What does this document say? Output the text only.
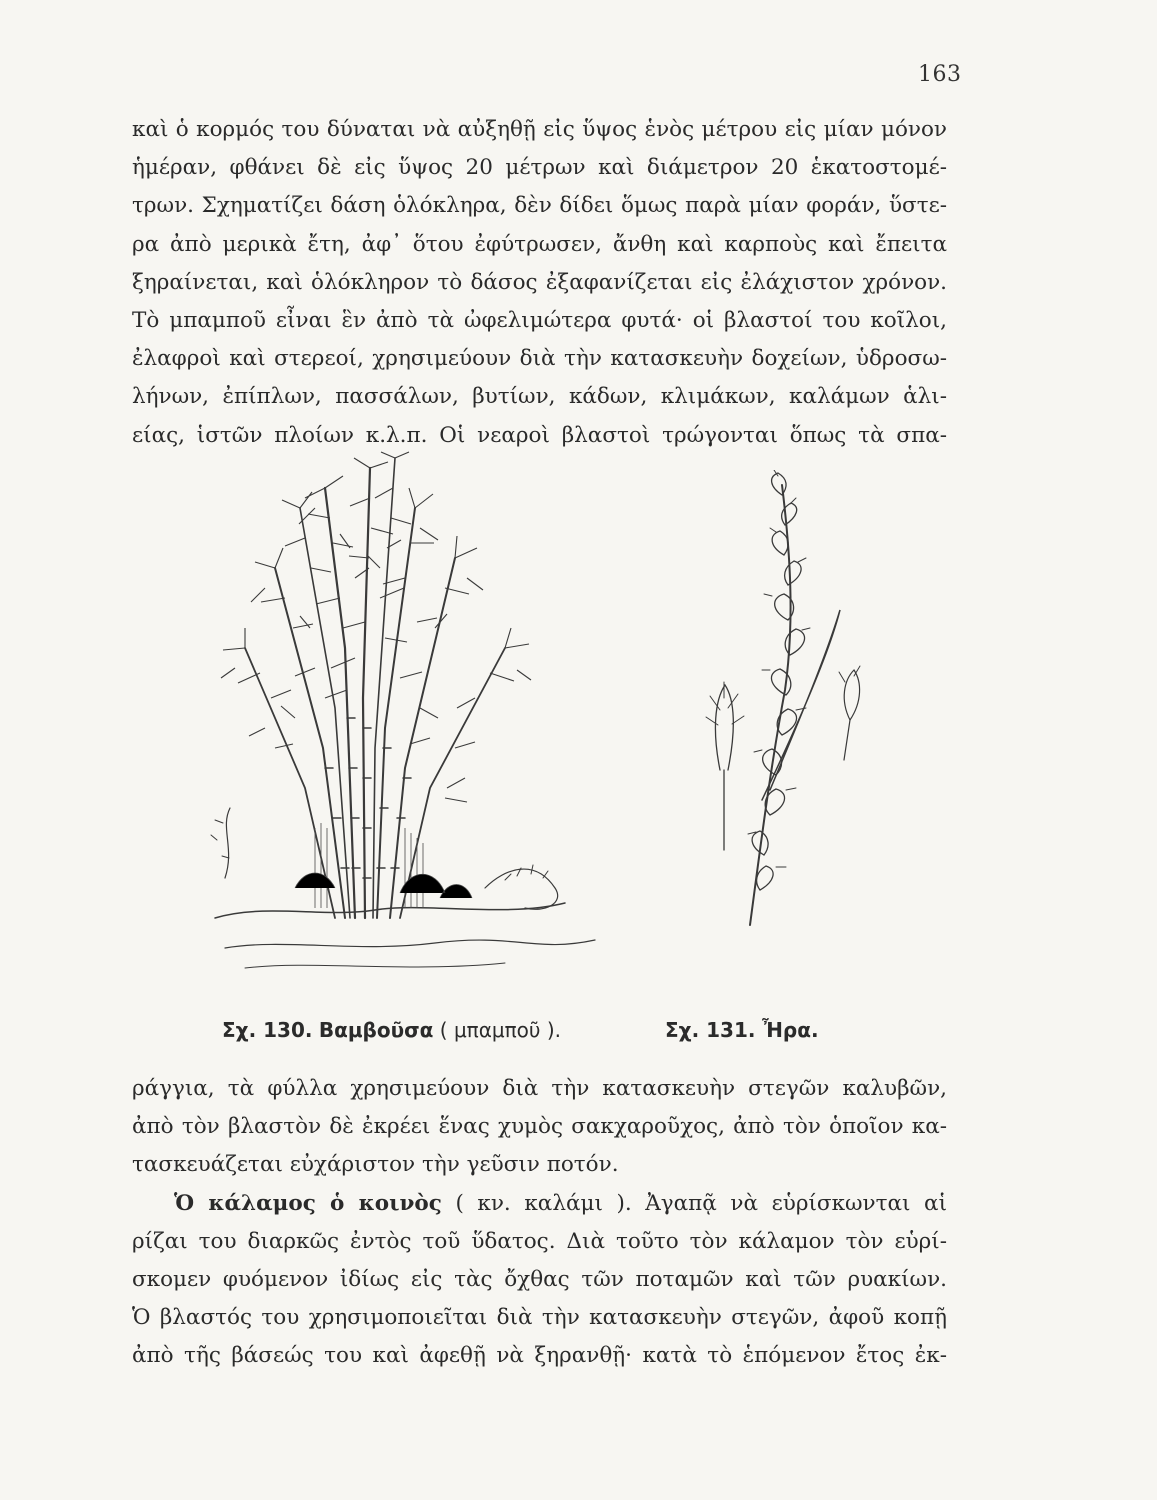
163
καὶ ὁ κορμός του δύναται νὰ αὐξηθῇ εἰς ὕψος ἑνὸς μέτρου εἰς μίαν μόνον
ἡμέραν, φθάνει δὲ εἰς ὕψος 20 μέτρων καὶ διάμετρον 20 ἑκατοστομέ-
τρων. Σχηματίζει δάση ὁλόκληρα, δὲν δίδει ὅμως παρὰ μίαν φοράν, ὕστε-
ρα ἀπὸ μερικὰ ἔτη, ἀφ᾽ ὅτου ἐφύτρωσεν, ἄνθη καὶ καρποὺς καὶ ἔπειτα
ξηραίνεται, καὶ ὁλόκληρον τὸ δάσος ἐξαφανίζεται εἰς ἐλάχιστον χρόνον.
Τὸ μπαμποῦ εἶναι ἓν ἀπὸ τὰ ὠφελιμώτερα φυτά· οἱ βλαστοί του κοῖλοι,
ἐλαφροὶ καὶ στερεοί, χρησιμεύουν διὰ τὴν κατασκευὴν δοχείων, ὑδροσω-
λήνων, ἐπίπλων, πασσάλων, βυτίων, κάδων, κλιμάκων, καλάμων ἁλι-
είας, ἱστῶν πλοίων κ.λ.π. Οἱ νεαροὶ βλαστοὶ τρώγονται ὅπως τὰ σπα-
Σχ. 130. Βαμβοῦσα ( μπαμποῦ ).	Σχ. 131. Ἦρα.
ράγγια, τὰ φύλλα χρησιμεύουν διὰ τὴν κατασκευὴν στεγῶν καλυβῶν,
ἀπὸ τὸν βλαστὸν δὲ ἐκρέει ἕνας χυμὸς σακχαροῦχος, ἀπὸ τὸν ὁποῖον κα-
τασκευάζεται εὐχάριστον τὴν γεῦσιν ποτόν.
Ὁ κάλαμος ὁ κοινὸς ( κν. καλάμι ). Ἀγαπᾷ νὰ εὑρίσκωνται αἱ
ρίζαι του διαρκῶς ἐντὸς τοῦ ὕδατος. Διὰ τοῦτο τὸν κάλαμον τὸν εὑρί-
σκομεν φυόμενον ἰδίως εἰς τὰς ὄχθας τῶν ποταμῶν καὶ τῶν ρυακίων.
Ὁ βλαστός του χρησιμοποιεῖται διὰ τὴν κατασκευὴν στεγῶν, ἀφοῦ κοπῇ
ἀπὸ τῆς βάσεώς του καὶ ἀφεθῇ νὰ ξηρανθῇ· κατὰ τὸ ἑπόμενον ἔτος ἐκ-
